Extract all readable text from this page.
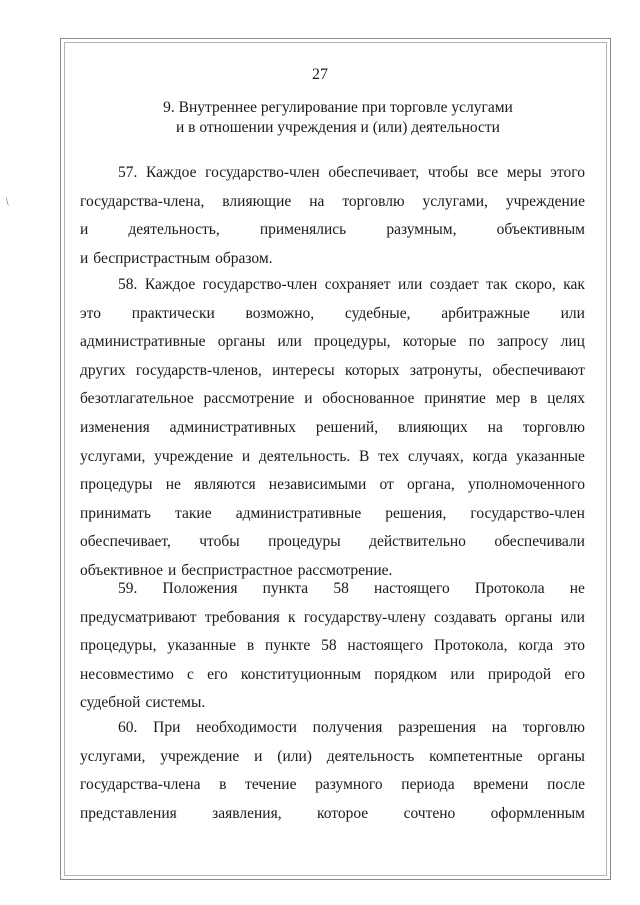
/
27
9. Внутреннее регулирование при торговле услугами
и в отношении учреждения и (или) деятельности
57. Каждое государство-член обеспечивает, чтобы все меры этого
государства-члена, влияющие на торговлю услугами, учреждение
и	деятельность,	применялись	разумным,	объективным
и беспристрастным образом.
58. Каждое государство-член сохраняет или создает так скоро, как
это практически возможно, судебные, арбитражные или
административные органы или процедуры, которые по запросу лиц
других государств-членов, интересы которых затронуты, обеспечивают
безотлагательное рассмотрение и обоснованное принятие мер в целях
изменения административных решений, влияющих на торговлю
услугами, учреждение и деятельность. В тех случаях, когда указанные
процедуры не являются независимыми от органа, уполномоченного
принимать такие административные решения, государство-член
обеспечивает, чтобы процедуры действительно обеспечивали
объективное и беспристрастное рассмотрение.
59. Положения пункта 58 настоящего Протокола не
предусматривают требования к государству-члену создавать органы или
процедуры, указанные в пункте 58 настоящего Протокола, когда это
несовместимо с его конституционным порядком или природой его
судебной системы.
60. При необходимости получения разрешения на торговлю
услугами, учреждение и (или) деятельность компетентные органы
государства-члена в течение разумного периода времени после
представления заявления, которое сочтено оформленным
